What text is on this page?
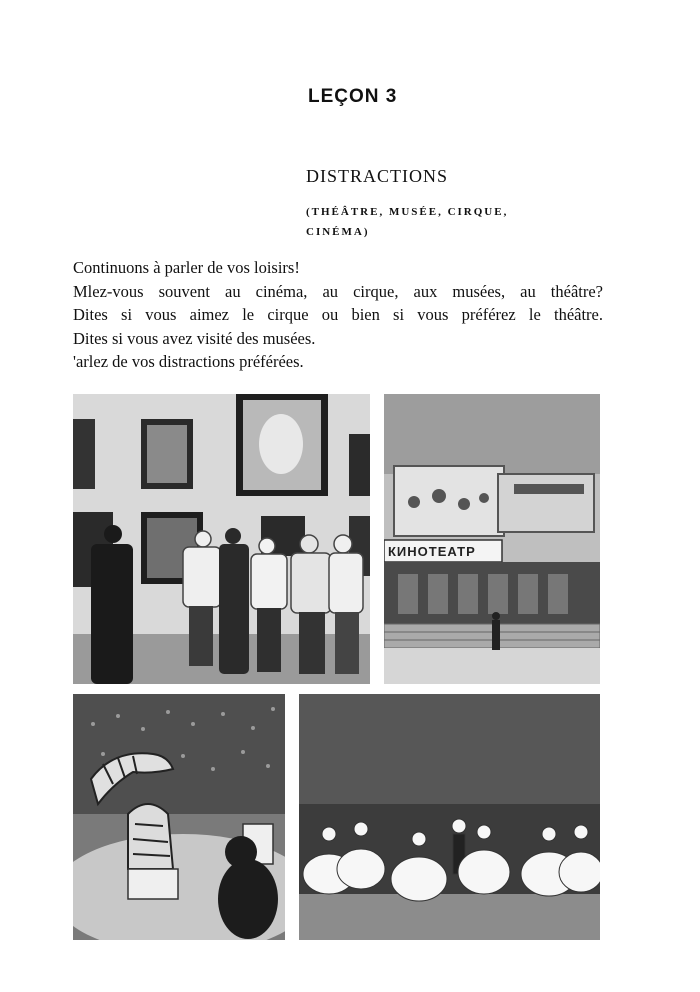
LEÇON 3
DISTRACTIONS
(THÉÂTRE, MUSÉE, CIRQUE, CINÉMA)

Continuons à parler de vos loisirs!

Mlez-vous souvent au cinéma, au cirque, aux musées, au théâtre?

Dites si vous aimez le cirque ou bien si vous préférez le théâtre.

Dites si vous avez visité des musées.

'arlez de vos distractions préférées.

КИНОТЕАТР
